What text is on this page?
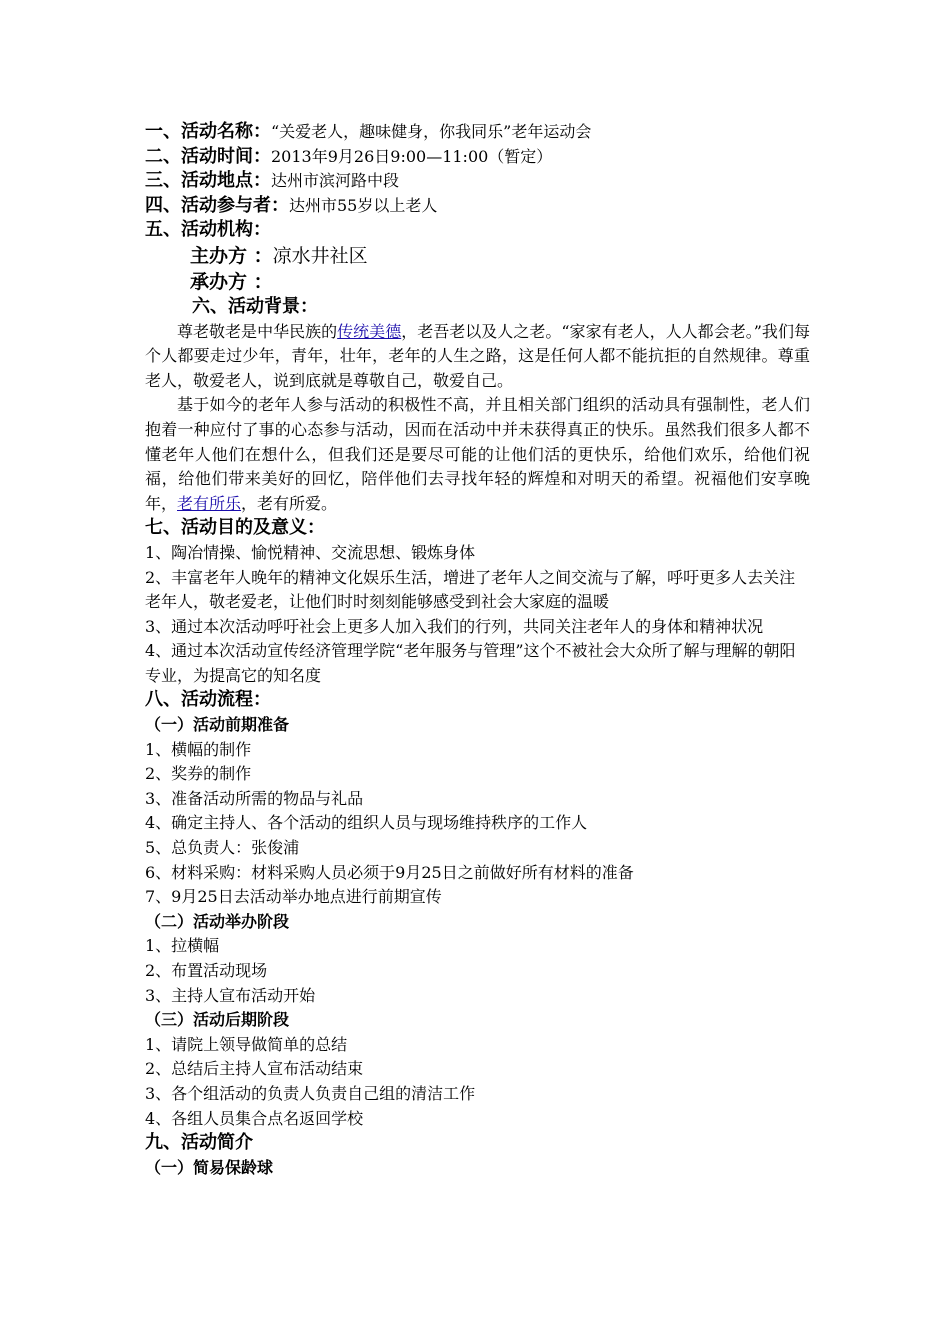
一、活动名称：“关爱老人，趣味健身，你我同乐”老年运动会
二、活动时间：2013年9月26日9:00—11:00（暂定）
三、活动地点：达州市滨河路中段
四、活动参与者：达州市55岁以上老人
五、活动机构：
主办方 ：凉水井社区
承办方 ：
六、活动背景：

尊老敬老是中华民族的传统美德，老吾老以及人之老。“家家有老人，人人都会老。”我们每个人都要走过少年，青年，壮年，老年的人生之路，这是任何人都不能抗拒的自然规律。尊重老人，敬爱老人，说到底就是尊敬自己，敬爱自己。

基于如今的老年人参与活动的积极性不高，并且相关部门组织的活动具有强制性，老人们抱着一种应付了事的心态参与活动，因而在活动中并未获得真正的快乐。虽然我们很多人都不懂老年人他们在想什么，但我们还是要尽可能的让他们活的更快乐，给他们欢乐，给他们祝福，给他们带来美好的回忆，陪伴他们去寻找年轻的辉煌和对明天的希望。祝福他们安享晚年，老有所乐，老有所爱。

七、活动目的及意义：
1、陶冶情操、愉悦精神、交流思想、锻炼身体
2、丰富老年人晚年的精神文化娱乐生活，增进了老年人之间交流与了解，呼吁更多人去关注老年人，敬老爱老，让他们时时刻刻能够感受到社会大家庭的温暖
3、通过本次活动呼吁社会上更多人加入我们的行列，共同关注老年人的身体和精神状况
4、通过本次活动宣传经济管理学院“老年服务与管理”这个不被社会大众所了解与理解的朝阳专业，为提高它的知名度
八、活动流程：
（一）活动前期准备
1、横幅的制作
2、奖券的制作
3、准备活动所需的物品与礼品
4、确定主持人、各个活动的组织人员与现场维持秩序的工作人
5、总负责人：张俊浦
6、材料采购：材料采购人员必须于9月25日之前做好所有材料的准备
7、9月25日去活动举办地点进行前期宣传
（二）活动举办阶段
1、拉横幅
2、布置活动现场
3、主持人宣布活动开始
（三）活动后期阶段
1、请院上领导做简单的总结
2、总结后主持人宣布活动结束
3、各个组活动的负责人负责自己组的清洁工作
4、各组人员集合点名返回学校
九、活动简介
（一）简易保龄球
